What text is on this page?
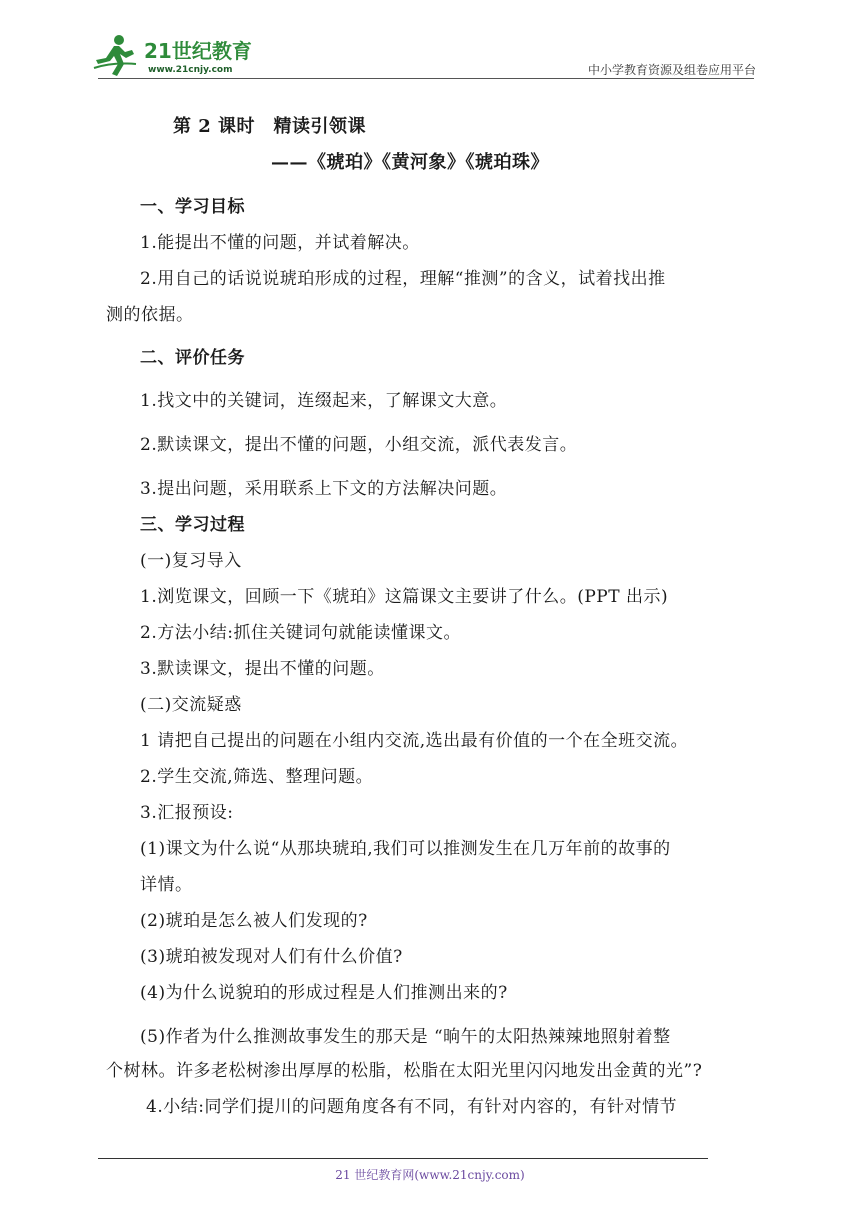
21世纪教育
www.21cnjy.com	中小学教育资源及组卷应用平台
第 2 课时　精读引领课
——《琥珀》《黄河象》《琥珀珠》
一、学习目标
1.能提出不懂的问题，并试着解决。
2.用自己的话说说琥珀形成的过程，理解“推测”的含义，试着找出推
测的依据。
二、评价任务
1.找文中的关键词，连缀起来，了解课文大意。
2.默读课文，提出不懂的问题，小组交流，派代表发言。
3.提出问题，采用联系上下文的方法解决问题。
三、学习过程
(一)复习导入
1.浏览课文，回顾一下《琥珀》这篇课文主要讲了什么。(PPT 出示)
2.方法小结:抓住关键词句就能读懂课文。
3.默读课文，提出不懂的问题。
(二)交流疑惑
1 请把自己提出的问题在小组内交流,选出最有价值的一个在全班交流。
2.学生交流,筛选、整理问题。
3.汇报预设:
(1)课文为什么说“从那块琥珀,我们可以推测发生在几万年前的故事的
详情。
(2)琥珀是怎么被人们发现的?
(3)琥珀被发现对人们有什么价值?
(4)为什么说貌珀的形成过程是人们推测出来的?
(5)作者为什么推测故事发生的那天是 “晌午的太阳热辣辣地照射着整
个树林。许多老松树渗出厚厚的松脂，松脂在太阳光里闪闪地发出金黄的光”?
4.小结:同学们提川的问题角度各有不同，有针对内容的，有针对情节
21 世纪教育网(www.21cnjy.com)
